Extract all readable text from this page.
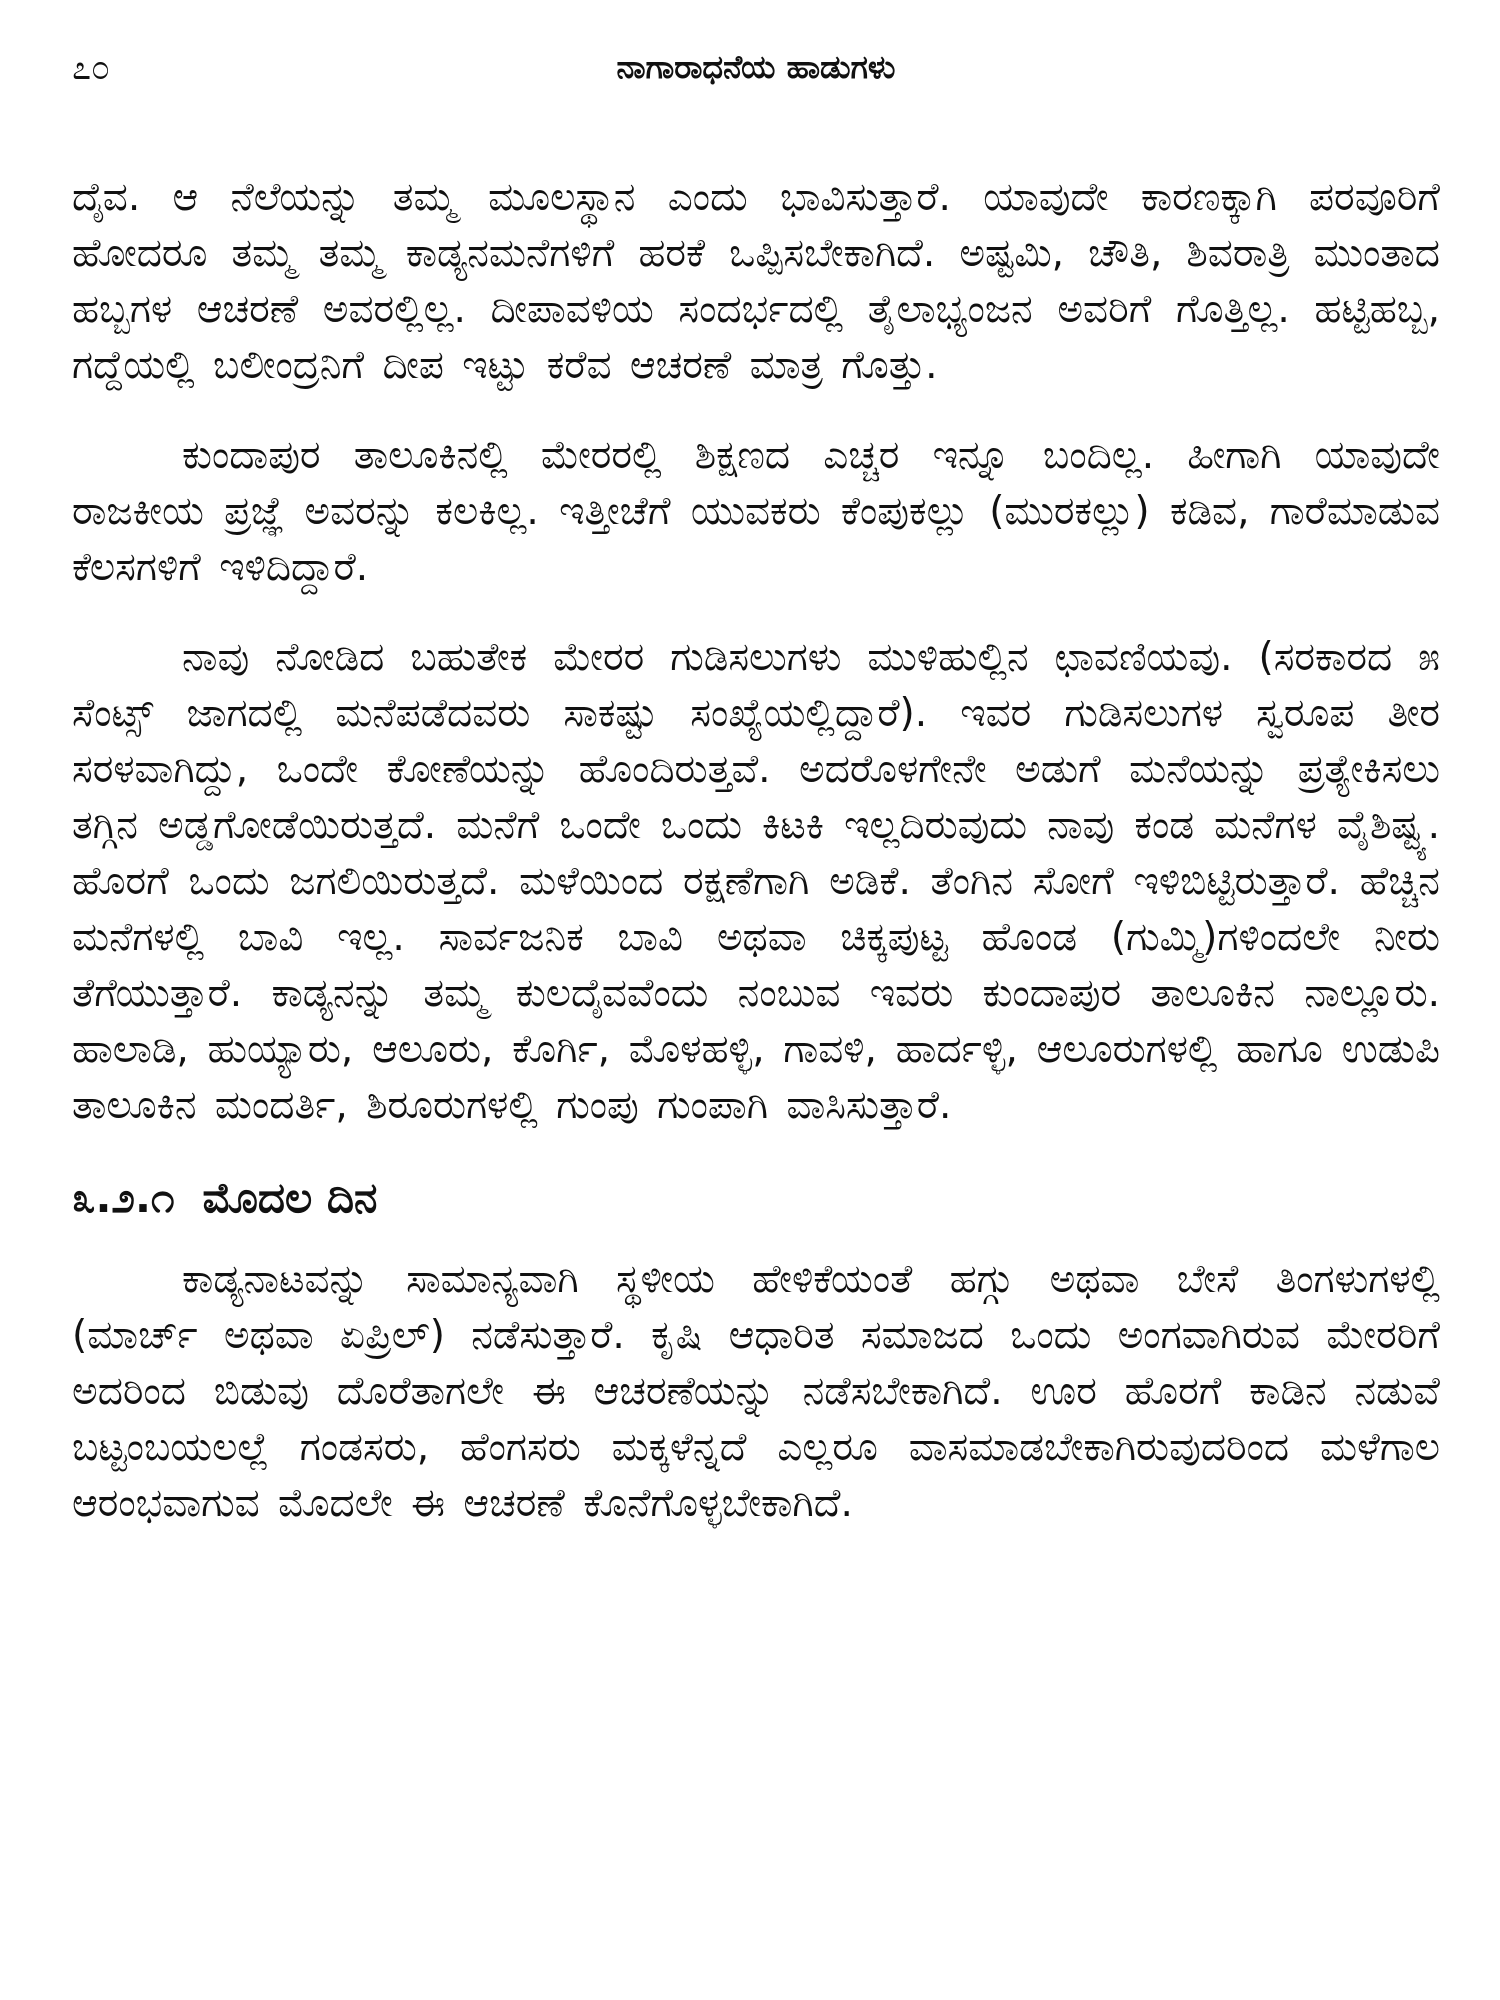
೭೦	ನಾಗಾರಾಧನೆಯ ಹಾಡುಗಳು

ದೈವ. ಆ ನೆಲೆಯನ್ನು ತಮ್ಮ ಮೂಲಸ್ಥಾನ ಎಂದು ಭಾವಿಸುತ್ತಾರೆ. ಯಾವುದೇ ಕಾರಣಕ್ಕಾಗಿ ಪರವೂರಿಗೆ ಹೋದರೂ ತಮ್ಮ ತಮ್ಮ ಕಾಡ್ಯನಮನೆಗಳಿಗೆ ಹರಕೆ ಒಪ್ಪಿಸಬೇಕಾಗಿದೆ. ಅಷ್ಟಮಿ, ಚೌತಿ, ಶಿವರಾತ್ರಿ ಮುಂತಾದ ಹಬ್ಬಗಳ ಆಚರಣೆ ಅವರಲ್ಲಿಲ್ಲ. ದೀಪಾವಳಿಯ ಸಂದರ್ಭದಲ್ಲಿ ತೈಲಾಭ್ಯಂಜನ ಅವರಿಗೆ ಗೊತ್ತಿಲ್ಲ. ಹಟ್ಟಿಹಬ್ಬ, ಗದ್ದೆಯಲ್ಲಿ ಬಲೀಂದ್ರನಿಗೆ ದೀಪ ಇಟ್ಟು ಕರೆವ ಆಚರಣೆ ಮಾತ್ರ ಗೊತ್ತು.

ಕುಂದಾಪುರ ತಾಲೂಕಿನಲ್ಲಿ ಮೇರರಲ್ಲಿ ಶಿಕ್ಷಣದ ಎಚ್ಚರ ಇನ್ನೂ ಬಂದಿಲ್ಲ. ಹೀಗಾಗಿ ಯಾವುದೇ ರಾಜಕೀಯ ಪ್ರಜ್ಞೆ ಅವರನ್ನು ಕಲಕಿಲ್ಲ. ಇತ್ತೀಚೆಗೆ ಯುವಕರು ಕೆಂಪುಕಲ್ಲು (ಮುರಕಲ್ಲು) ಕಡಿವ, ಗಾರೆಮಾಡುವ ಕೆಲಸಗಳಿಗೆ ಇಳಿದಿದ್ದಾರೆ.

ನಾವು ನೋಡಿದ ಬಹುತೇಕ ಮೇರರ ಗುಡಿಸಲುಗಳು ಮುಳಿಹುಲ್ಲಿನ ಛಾವಣಿಯವು. (ಸರಕಾರದ ೫ ಸೆಂಟ್ಸ್ ಜಾಗದಲ್ಲಿ ಮನೆಪಡೆದವರು ಸಾಕಷ್ಟು ಸಂಖ್ಯೆಯಲ್ಲಿದ್ದಾರೆ). ಇವರ ಗುಡಿಸಲುಗಳ ಸ್ವರೂಪ ತೀರ ಸರಳವಾಗಿದ್ದು, ಒಂದೇ ಕೋಣೆಯನ್ನು ಹೊಂದಿರುತ್ತವೆ. ಅದರೊಳಗೇನೇ ಅಡುಗೆ ಮನೆಯನ್ನು ಪ್ರತ್ಯೇಕಿಸಲು ತಗ್ಗಿನ ಅಡ್ಡಗೋಡೆಯಿರುತ್ತದೆ. ಮನೆಗೆ ಒಂದೇ ಒಂದು ಕಿಟಕಿ ಇಲ್ಲದಿರುವುದು ನಾವು ಕಂಡ ಮನೆಗಳ ವೈಶಿಷ್ಟ್ಯ. ಹೊರಗೆ ಒಂದು ಜಗಲಿಯಿರುತ್ತದೆ. ಮಳೆಯಿಂದ ರಕ್ಷಣೆಗಾಗಿ ಅಡಿಕೆ. ತೆಂಗಿನ ಸೋಗೆ ಇಳಿಬಿಟ್ಟಿರುತ್ತಾರೆ. ಹೆಚ್ಚಿನ ಮನೆಗಳಲ್ಲಿ ಬಾವಿ ಇಲ್ಲ. ಸಾರ್ವಜನಿಕ ಬಾವಿ ಅಥವಾ ಚಿಕ್ಕಪುಟ್ಟ ಹೊಂಡ (ಗುಮ್ಮಿ)ಗಳಿಂದಲೇ ನೀರು ತೆಗೆಯುತ್ತಾರೆ. ಕಾಡ್ಯನನ್ನು ತಮ್ಮ ಕುಲದೈವವೆಂದು ನಂಬುವ ಇವರು ಕುಂದಾಪುರ ತಾಲೂಕಿನ ನಾಲ್ಲೂರು. ಹಾಲಾಡಿ, ಹುಯ್ಯಾರು, ಆಲೂರು, ಕೊರ್ಗಿ, ಮೊಳಹಳ್ಳಿ, ಗಾವಳಿ, ಹಾರ್ದಳ್ಳಿ, ಆಲೂರುಗಳಲ್ಲಿ ಹಾಗೂ ಉಡುಪಿ ತಾಲೂಕಿನ ಮಂದರ್ತಿ, ಶಿರೂರುಗಳಲ್ಲಿ ಗುಂಪು ಗುಂಪಾಗಿ ವಾಸಿಸುತ್ತಾರೆ.

೩.೨.೧ ಮೊದಲ ದಿನ

ಕಾಡ್ಯನಾಟವನ್ನು ಸಾಮಾನ್ಯವಾಗಿ ಸ್ಥಳೀಯ ಹೇಳಿಕೆಯಂತೆ ಹಗ್ಗು ಅಥವಾ ಬೇಸೆ ತಿಂಗಳುಗಳಲ್ಲಿ (ಮಾರ್ಚ್ ಅಥವಾ ಏಪ್ರಿಲ್) ನಡೆಸುತ್ತಾರೆ. ಕೃಷಿ ಆಧಾರಿತ ಸಮಾಜದ ಒಂದು ಅಂಗವಾಗಿರುವ ಮೇರರಿಗೆ ಅದರಿಂದ ಬಿಡುವು ದೊರೆತಾಗಲೇ ಈ ಆಚರಣೆಯನ್ನು ನಡೆಸಬೇಕಾಗಿದೆ. ಊರ ಹೊರಗೆ ಕಾಡಿನ ನಡುವೆ ಬಟ್ಟಂಬಯಲಲ್ಲೆ ಗಂಡಸರು, ಹೆಂಗಸರು ಮಕ್ಕಳೆನ್ನದೆ ಎಲ್ಲರೂ ವಾಸಮಾಡಬೇಕಾಗಿರುವುದರಿಂದ ಮಳೆಗಾಲ ಆರಂಭವಾಗುವ ಮೊದಲೇ ಈ ಆಚರಣೆ ಕೊನೆಗೊಳ್ಳಬೇಕಾಗಿದೆ.
